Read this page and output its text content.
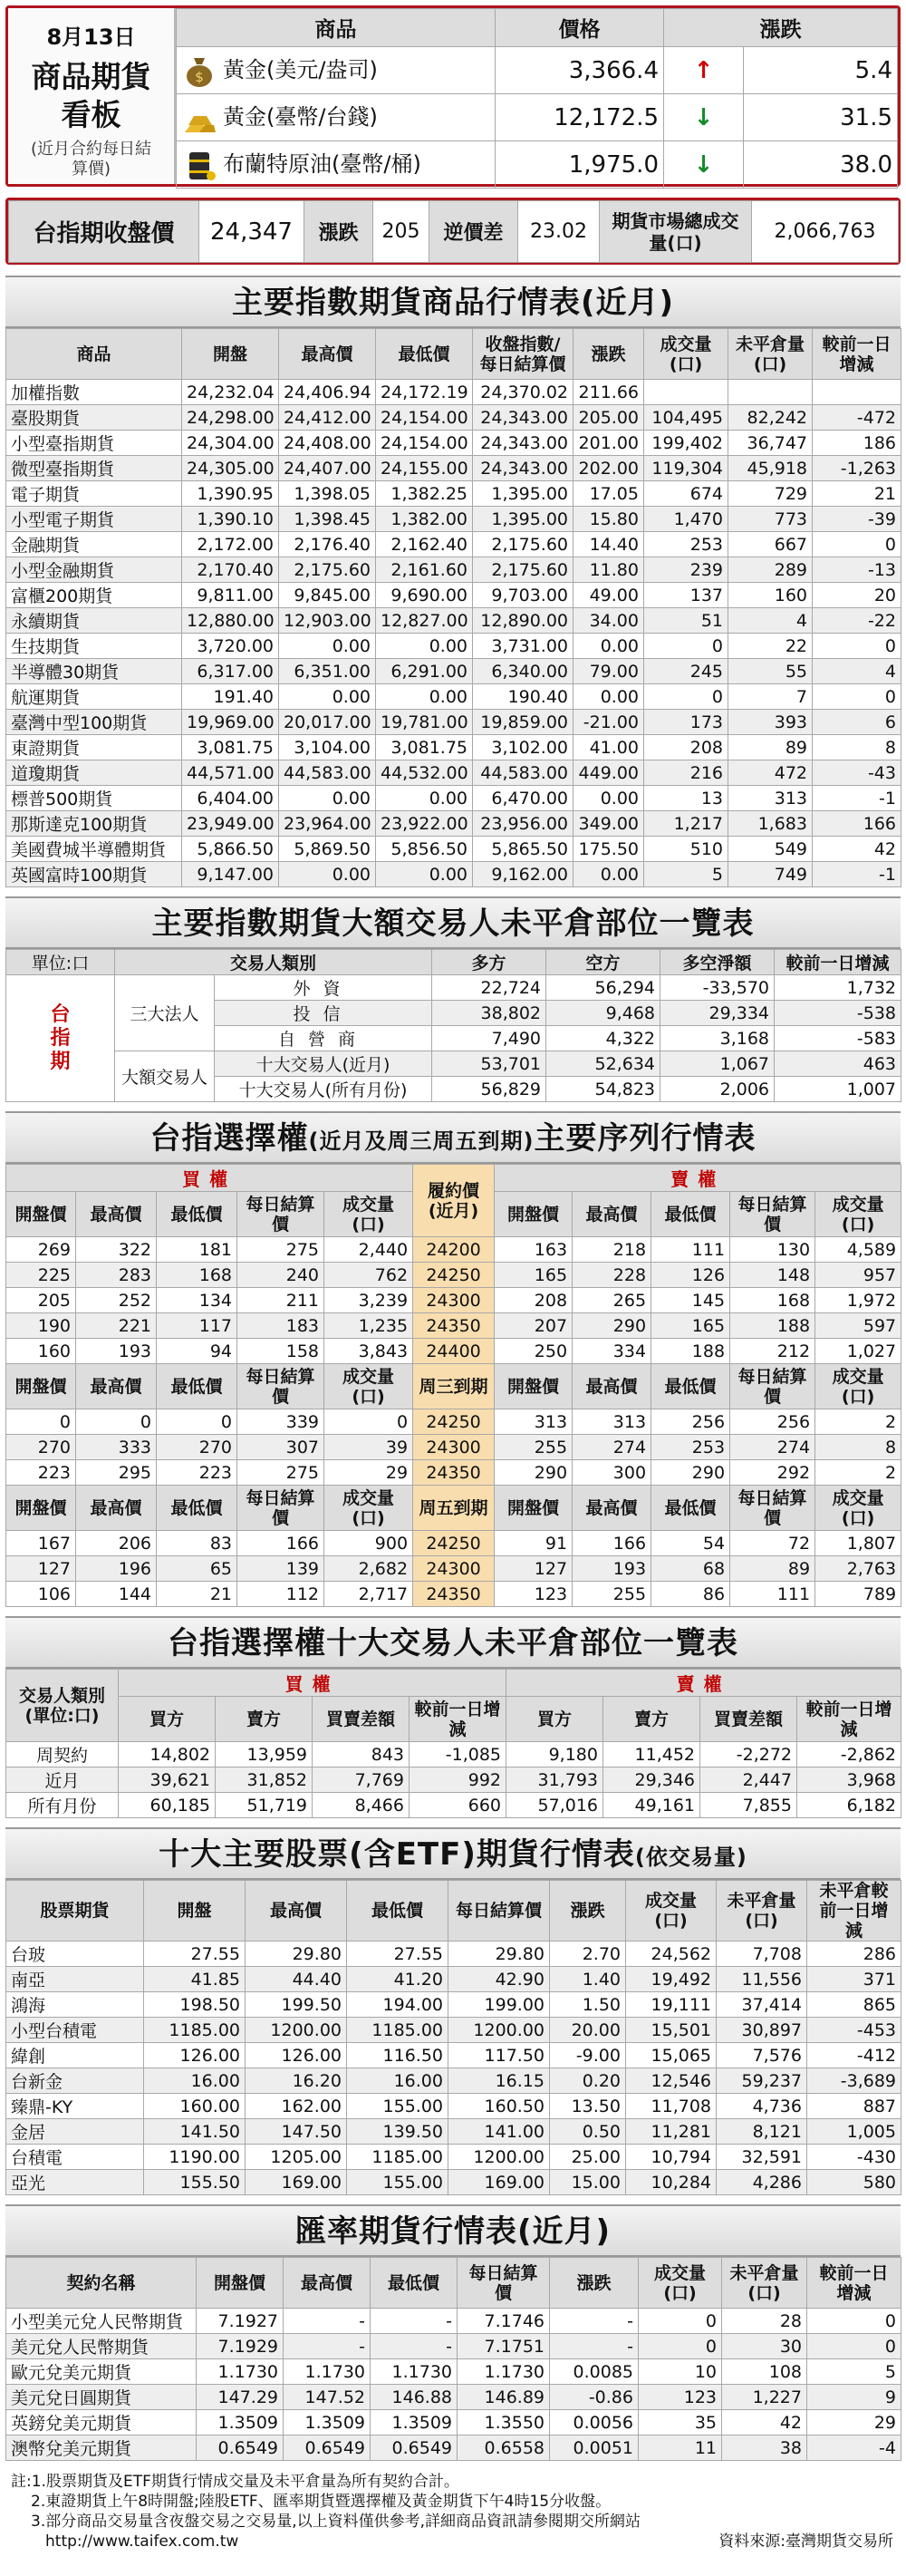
8月13日
商品期貨看板
(近月合約每日結算價)
商品	價格	漲跌	

$ 黃金(美元/盎司)	3,366.4	↑	5.4
黃金(臺幣/台錢)	12,172.5	↓	31.5
布蘭特原油(臺幣/桶)	1,975.0	↓	38.0
台指期收盤價	24,347	漲跌	205	逆價差	23.02	期貨市場總成交量(口)	2,066,763
主要指數期貨商品行情表(近月)
商品	開盤	最高價	最低價	收盤指數/每日結算價	漲跌	成交量(口)	未平倉量(口)	較前一日增減
加權指數	24,232.04	24,406.94	24,172.19	24,370.02	211.66			
臺股期貨	24,298.00	24,412.00	24,154.00	24,343.00	205.00	104,495	82,242	-472
小型臺指期貨	24,304.00	24,408.00	24,154.00	24,343.00	201.00	199,402	36,747	186
微型臺指期貨	24,305.00	24,407.00	24,155.00	24,343.00	202.00	119,304	45,918	-1,263
電子期貨	1,390.95	1,398.05	1,382.25	1,395.00	17.05	674	729	21
小型電子期貨	1,390.10	1,398.45	1,382.00	1,395.00	15.80	1,470	773	-39
金融期貨	2,172.00	2,176.40	2,162.40	2,175.60	14.40	253	667	0
小型金融期貨	2,170.40	2,175.60	2,161.60	2,175.60	11.80	239	289	-13
富櫃200期貨	9,811.00	9,845.00	9,690.00	9,703.00	49.00	137	160	20
永續期貨	12,880.00	12,903.00	12,827.00	12,890.00	34.00	51	4	-22
生技期貨	3,720.00	0.00	0.00	3,731.00	0.00	0	22	0
半導體30期貨	6,317.00	6,351.00	6,291.00	6,340.00	79.00	245	55	4
航運期貨	191.40	0.00	0.00	190.40	0.00	0	7	0
臺灣中型100期貨	19,969.00	20,017.00	19,781.00	19,859.00	-21.00	173	393	6
東證期貨	3,081.75	3,104.00	3,081.75	3,102.00	41.00	208	89	8
道瓊期貨	44,571.00	44,583.00	44,532.00	44,583.00	449.00	216	472	-43
標普500期貨	6,404.00	0.00	0.00	6,470.00	0.00	13	313	-1
那斯達克100期貨	23,949.00	23,964.00	23,922.00	23,956.00	349.00	1,217	1,683	166
美國費城半導體期貨	5,866.50	5,869.50	5,856.50	5,865.50	175.50	510	549	42
英國富時100期貨	9,147.00	0.00	0.00	9,162.00	0.00	5	749	-1
主要指數期貨大額交易人未平倉部位一覽表
單位:口	交易人類別		多方	空方	多空淨額	較前一日增減
台指期	三大法人	外資	22,724	56,294	-33,570	1,732
		投信	38,802	9,468	29,334	-538
		自營商	7,490	4,322	3,168	-583
	大額交易人	十大交易人(近月)	53,701	52,634	1,067	463
		十大交易人(所有月份)	56,829	54,823	2,006	1,007
台指選擇權(近月及周三周五到期)主要序列行情表
買權					履約價(近月)	賣權				
開盤價	最高價	最低價	每日結算價	成交量(口)		開盤價	最高價	最低價	每日結算價	成交量(口)
269	322	181	275	2,440	24200	163	218	111	130	4,589
225	283	168	240	762	24250	165	228	126	148	957
205	252	134	211	3,239	24300	208	265	145	168	1,972
190	221	117	183	1,235	24350	207	290	165	188	597
160	193	94	158	3,843	24400	250	334	188	212	1,027
開盤價	最高價	最低價	每日結算價	成交量(口)	周三到期	開盤價	最高價	最低價	每日結算價	成交量(口)
0	0	0	339	0	24250	313	313	256	256	2
270	333	270	307	39	24300	255	274	253	274	8
223	295	223	275	29	24350	290	300	290	292	2
開盤價	最高價	最低價	每日結算價	成交量(口)	周五到期	開盤價	最高價	最低價	每日結算價	成交量(口)
167	206	83	166	900	24250	91	166	54	72	1,807
127	196	65	139	2,682	24300	127	193	68	89	2,763
106	144	21	112	2,717	24350	123	255	86	111	789
台指選擇權十大交易人未平倉部位一覽表
交易人類別(單位:口)	買權				賣權			
	買方	賣方	買賣差額	較前一日增減	買方	賣方	買賣差額	較前一日增減
周契約	14,802	13,959	843	-1,085	9,180	11,452	-2,272	-2,862
近月	39,621	31,852	7,769	992	31,793	29,346	2,447	3,968
所有月份	60,185	51,719	8,466	660	57,016	49,161	7,855	6,182
十大主要股票(含ETF)期貨行情表(依交易量)
股票期貨	開盤	最高價	最低價	每日結算價	漲跌	成交量(口)	未平倉量(口)	未平倉較前一日增減
台玻	27.55	29.80	27.55	29.80	2.70	24,562	7,708	286
南亞	41.85	44.40	41.20	42.90	1.40	19,492	11,556	371
鴻海	198.50	199.50	194.00	199.00	1.50	19,111	37,414	865
小型台積電	1185.00	1200.00	1185.00	1200.00	20.00	15,501	30,897	-453
緯創	126.00	126.00	116.50	117.50	-9.00	15,065	7,576	-412
台新金	16.00	16.20	16.00	16.15	0.20	12,546	59,237	-3,689
臻鼎-KY	160.00	162.00	155.00	160.50	13.50	11,708	4,736	887
金居	141.50	147.50	139.50	141.00	0.50	11,281	8,121	1,005
台積電	1190.00	1205.00	1185.00	1200.00	25.00	10,794	32,591	-430
亞光	155.50	169.00	155.00	169.00	15.00	10,284	4,286	580
匯率期貨行情表(近月)
契約名稱	開盤價	最高價	最低價	每日結算價	漲跌	成交量(口)	未平倉量(口)	較前一日增減
小型美元兌人民幣期貨	7.1927	-	-	7.1746	-	0	28	0
美元兌人民幣期貨	7.1929	-	-	7.1751	-	0	30	0
歐元兌美元期貨	1.1730	1.1730	1.1730	1.1730	0.0085	10	108	5
美元兌日圓期貨	147.29	147.52	146.88	146.89	-0.86	123	1,227	9
英鎊兌美元期貨	1.3509	1.3509	1.3509	1.3550	0.0056	35	42	29
澳幣兌美元期貨	0.6549	0.6549	0.6549	0.6558	0.0051	11	38	-4
註:1.股票期貨及ETF期貨行情成交量及未平倉量為所有契約合計。
2.東證期貨上午8時開盤;陸股ETF、匯率期貨暨選擇權及黃金期貨下午4時15分收盤。
3.部分商品交易量含夜盤交易之交易量,以上資料僅供參考,詳細商品資訊請參閱期交所網站
http://www.taifex.com.tw	資料來源:臺灣期貨交易所
